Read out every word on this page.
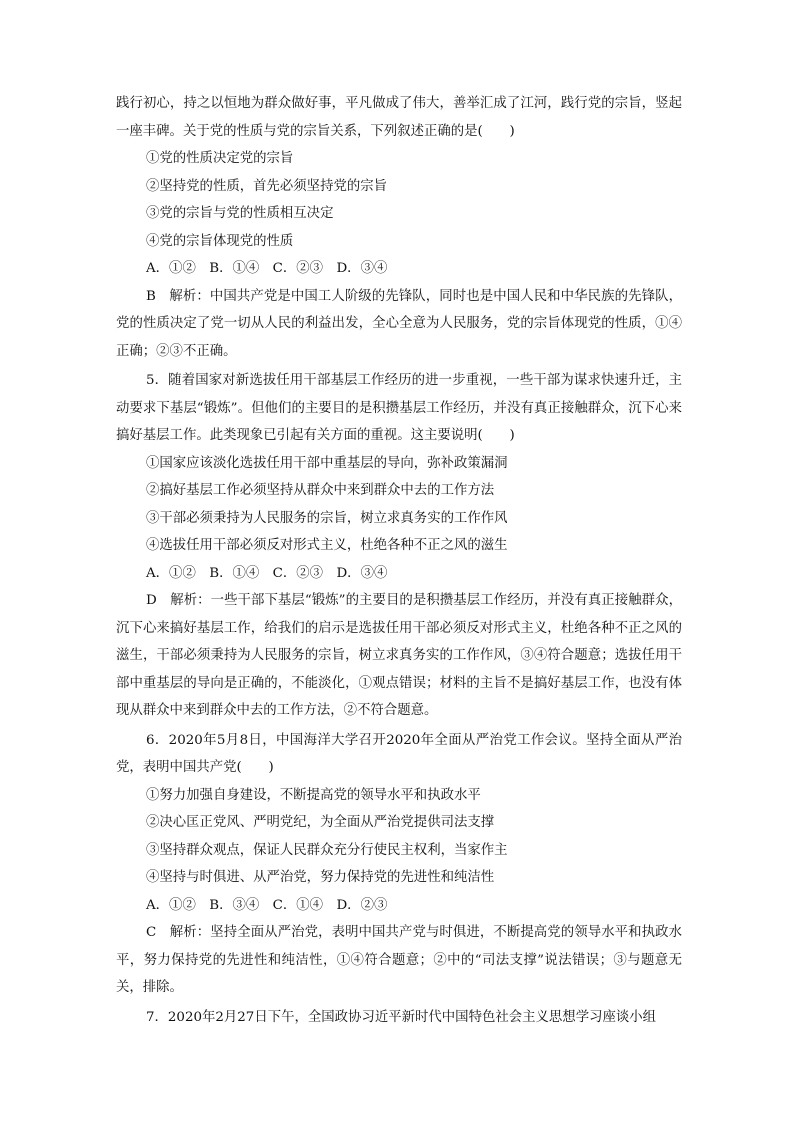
践行初心，持之以恒地为群众做好事，平凡做成了伟大，善举汇成了江河，践行党的宗旨，竖起一座丰碑。关于党的性质与党的宗旨关系，下列叙述正确的是(　　)

①党的性质决定党的宗旨
②坚持党的性质，首先必须坚持党的宗旨
③党的宗旨与党的性质相互决定
④党的宗旨体现党的性质
A．①②　B．①④　C．②③　D．③④

B　解析：中国共产党是中国工人阶级的先锋队，同时也是中国人民和中华民族的先锋队，党的性质决定了党一切从人民的利益出发，全心全意为人民服务，党的宗旨体现党的性质，①④正确；②③不正确。

5．随着国家对新选拔任用干部基层工作经历的进一步重视，一些干部为谋求快速升迁，主动要求下基层“锻炼”。但他们的主要目的是积攒基层工作经历，并没有真正接触群众，沉下心来搞好基层工作。此类现象已引起有关方面的重视。这主要说明(　　)

①国家应该淡化选拔任用干部中重基层的导向，弥补政策漏洞
②搞好基层工作必须坚持从群众中来到群众中去的工作方法
③干部必须秉持为人民服务的宗旨，树立求真务实的工作作风
④选拔任用干部必须反对形式主义，杜绝各种不正之风的滋生
A．①②　B．①④　C．②③　D．③④

D　解析：一些干部下基层“锻炼”的主要目的是积攒基层工作经历，并没有真正接触群众，沉下心来搞好基层工作，给我们的启示是选拔任用干部必须反对形式主义，杜绝各种不正之风的滋生，干部必须秉持为人民服务的宗旨，树立求真务实的工作作风，③④符合题意；选拔任用干部中重基层的导向是正确的，不能淡化，①观点错误；材料的主旨不是搞好基层工作，也没有体现从群众中来到群众中去的工作方法，②不符合题意。

6．2020年5月8日，中国海洋大学召开2020年全面从严治党工作会议。坚持全面从严治党，表明中国共产党(　　)

①努力加强自身建设，不断提高党的领导水平和执政水平
②决心匡正党风、严明党纪，为全面从严治党提供司法支撑
③坚持群众观点，保证人民群众充分行使民主权利，当家作主
④坚持与时俱进、从严治党，努力保持党的先进性和纯洁性
A．①②　B．③④　C．①④　D．②③

C　解析：坚持全面从严治党，表明中国共产党与时俱进，不断提高党的领导水平和执政水平，努力保持党的先进性和纯洁性，①④符合题意；②中的“司法支撑”说法错误；③与题意无关，排除。

7．2020年2月27日下午，全国政协习近平新时代中国特色社会主义思想学习座谈小组
